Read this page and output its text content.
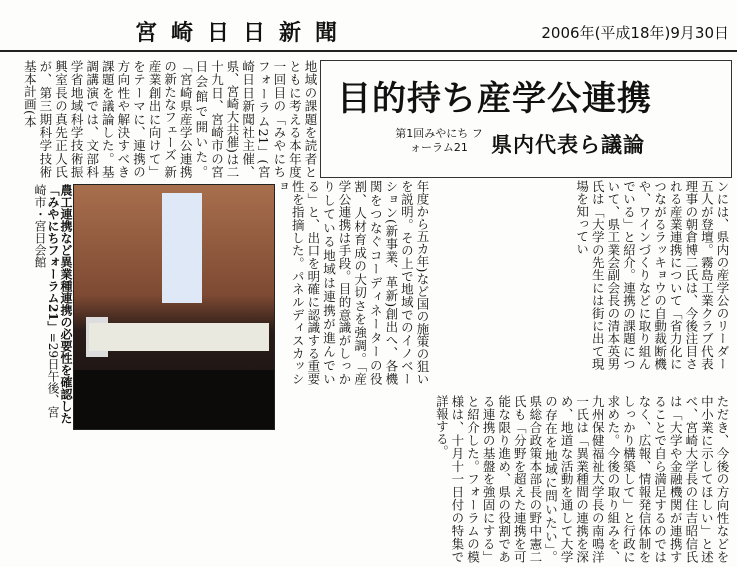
宮崎日日新聞	2006年(平成18年)9月30日
地域の課題を読者とともに考える本年度一回目の「みやにちフォーラム21」(宮崎日日新聞社主催、県、宮崎大共催)は二十九日、宮崎市の宮日会館で開いた。「宮崎県産学公連携の新たなフェーズ 新産業創出に向けて」をテーマに、連携の方向性や解決すべき課題を議論した。基調講演では、文部科学省地域科学技術振興室長の真先正人氏が、第三期科学技術基本計画(本	目的持ち産学公連携
第1回みやにち フォーラム21	県内代表ら議論
年度から五カ年)など国の施策の狙いを説明。その上で地域でのイノベーション(新事業、革新)創出へ、各機関をつなぐコーディネーターの役割、人材育成の大切さを強調。「産学公連携は手段。目的意識がしっかりしている地域は連携が進んでいる」と、出口を明確に認識する重要性を指摘した。パネルディスカッショ	ンには、県内の産学公のリーダー五人が登壇。霧島工業クラブ代表理事の朝倉博二氏は、今後注目される産業連携について「省力化につながるラッキョウの自動裁断機や、ワインづくりなどに取り組んでいる」と紹介。連携の課題について、県工業会副会長の清本英男氏は「大学の先生には街に出て現場を知ってい
ただき、今後の方向性などを中小業に示してほしい」と述べ、宮崎大学長の住吉昭信氏は「大学や金融機関が連携することで自ら満足するのではなく、広報、情報発信体制をしっかり構築して」と行政に求めた。今後の取り組みを、九州保健福祉大学長の南鳴洋一氏は「異業種間の連携を深め、地道な活動を通して大学の存在を地域に問いたい」。県総合政策本部長の野中憲二氏も「分野を超えた連携を可能な限り進め、県の役割である連携の基盤を強固にする」と紹介した。フォーラムの模様は、十月十一日付の特集で詳報する。
農工連携など異業種連携の必要性を確認した「みやにちフォーラム21」=29日午後、宮崎市・宮日会館
